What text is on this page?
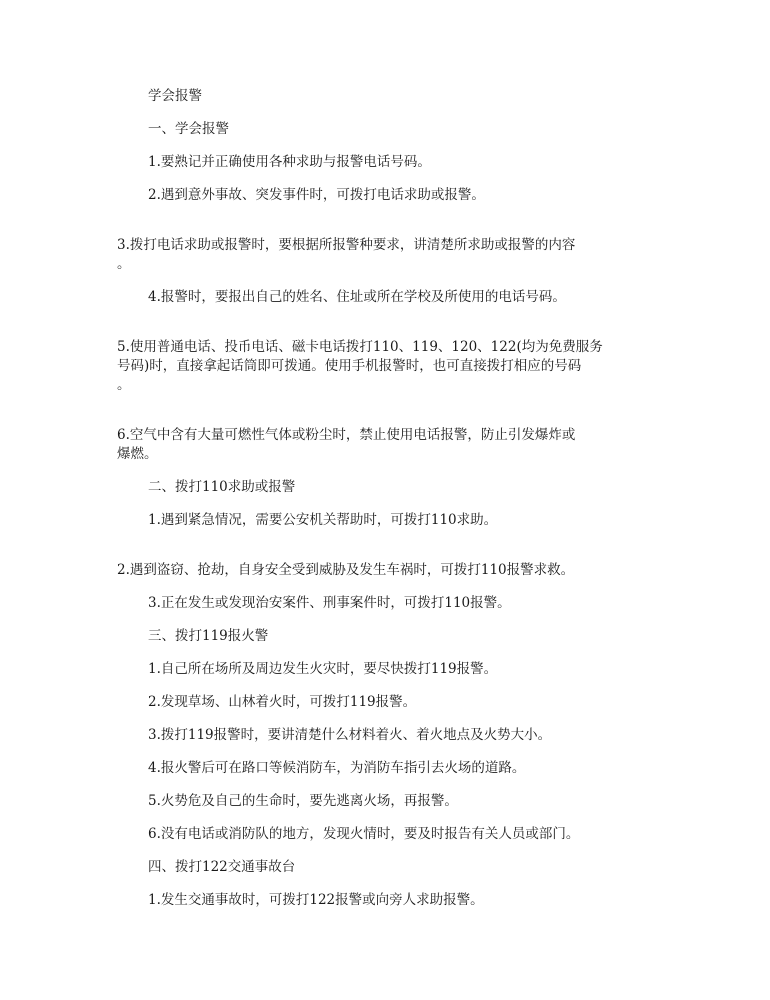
学会报警

一、学会报警

1.要熟记并正确使用各种求助与报警电话号码。

2.遇到意外事故、突发事件时，可拨打电话求助或报警。

3.拨打电话求助或报警时，要根据所报警种要求，讲清楚所求助或报警的内容

。

4.报警时，要报出自己的姓名、住址或所在学校及所使用的电话号码。

5.使用普通电话、投币电话、磁卡电话拨打110、119、120、122(均为免费服务

号码)时，直接拿起话筒即可拨通。使用手机报警时，也可直接拨打相应的号码

。

6.空气中含有大量可燃性气体或粉尘时，禁止使用电话报警，防止引发爆炸或

爆燃。

二、拨打110求助或报警

1.遇到紧急情况，需要公安机关帮助时，可拨打110求助。

2.遇到盗窃、抢劫，自身安全受到威胁及发生车祸时，可拨打110报警求救。

3.正在发生或发现治安案件、刑事案件时，可拨打110报警。

三、拨打119报火警

1.自己所在场所及周边发生火灾时，要尽快拨打119报警。

2.发现草场、山林着火时，可拨打119报警。

3.拨打119报警时，要讲清楚什么材料着火、着火地点及火势大小。

4.报火警后可在路口等候消防车，为消防车指引去火场的道路。

5.火势危及自己的生命时，要先逃离火场，再报警。

6.没有电话或消防队的地方，发现火情时，要及时报告有关人员或部门。

四、拨打122交通事故台

1.发生交通事故时，可拨打122报警或向旁人求助报警。
